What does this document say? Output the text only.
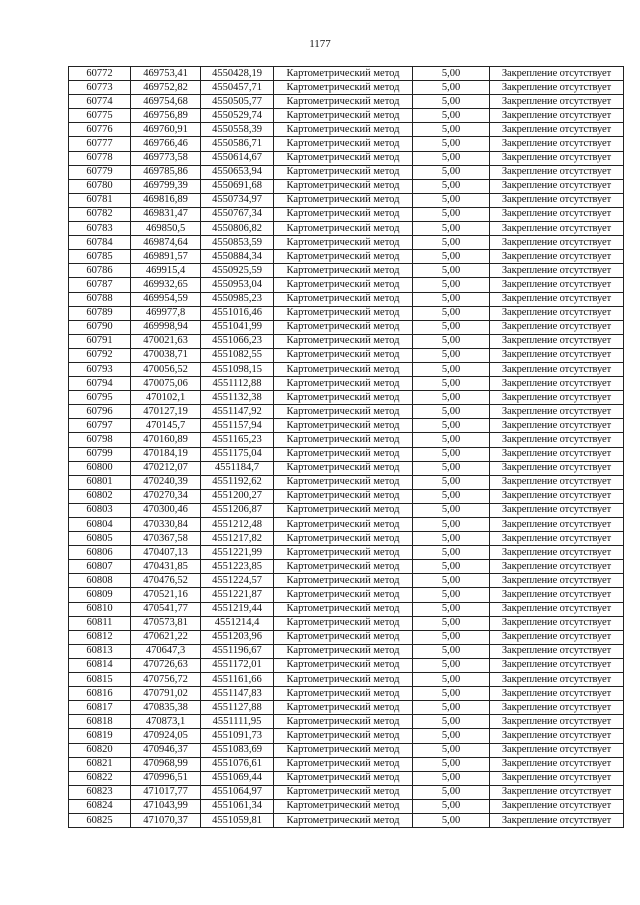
1177
60772	469753,41	4550428,19	Картометрический метод	5,00	Закрепление отсутствует
60773	469752,82	4550457,71	Картометрический метод	5,00	Закрепление отсутствует
60774	469754,68	4550505,77	Картометрический метод	5,00	Закрепление отсутствует
60775	469756,89	4550529,74	Картометрический метод	5,00	Закрепление отсутствует
60776	469760,91	4550558,39	Картометрический метод	5,00	Закрепление отсутствует
60777	469766,46	4550586,71	Картометрический метод	5,00	Закрепление отсутствует
60778	469773,58	4550614,67	Картометрический метод	5,00	Закрепление отсутствует
60779	469785,86	4550653,94	Картометрический метод	5,00	Закрепление отсутствует
60780	469799,39	4550691,68	Картометрический метод	5,00	Закрепление отсутствует
60781	469816,89	4550734,97	Картометрический метод	5,00	Закрепление отсутствует
60782	469831,47	4550767,34	Картометрический метод	5,00	Закрепление отсутствует
60783	469850,5	4550806,82	Картометрический метод	5,00	Закрепление отсутствует
60784	469874,64	4550853,59	Картометрический метод	5,00	Закрепление отсутствует
60785	469891,57	4550884,34	Картометрический метод	5,00	Закрепление отсутствует
60786	469915,4	4550925,59	Картометрический метод	5,00	Закрепление отсутствует
60787	469932,65	4550953,04	Картометрический метод	5,00	Закрепление отсутствует
60788	469954,59	4550985,23	Картометрический метод	5,00	Закрепление отсутствует
60789	469977,8	4551016,46	Картометрический метод	5,00	Закрепление отсутствует
60790	469998,94	4551041,99	Картометрический метод	5,00	Закрепление отсутствует
60791	470021,63	4551066,23	Картометрический метод	5,00	Закрепление отсутствует
60792	470038,71	4551082,55	Картометрический метод	5,00	Закрепление отсутствует
60793	470056,52	4551098,15	Картометрический метод	5,00	Закрепление отсутствует
60794	470075,06	4551112,88	Картометрический метод	5,00	Закрепление отсутствует
60795	470102,1	4551132,38	Картометрический метод	5,00	Закрепление отсутствует
60796	470127,19	4551147,92	Картометрический метод	5,00	Закрепление отсутствует
60797	470145,7	4551157,94	Картометрический метод	5,00	Закрепление отсутствует
60798	470160,89	4551165,23	Картометрический метод	5,00	Закрепление отсутствует
60799	470184,19	4551175,04	Картометрический метод	5,00	Закрепление отсутствует
60800	470212,07	4551184,7	Картометрический метод	5,00	Закрепление отсутствует
60801	470240,39	4551192,62	Картометрический метод	5,00	Закрепление отсутствует
60802	470270,34	4551200,27	Картометрический метод	5,00	Закрепление отсутствует
60803	470300,46	4551206,87	Картометрический метод	5,00	Закрепление отсутствует
60804	470330,84	4551212,48	Картометрический метод	5,00	Закрепление отсутствует
60805	470367,58	4551217,82	Картометрический метод	5,00	Закрепление отсутствует
60806	470407,13	4551221,99	Картометрический метод	5,00	Закрепление отсутствует
60807	470431,85	4551223,85	Картометрический метод	5,00	Закрепление отсутствует
60808	470476,52	4551224,57	Картометрический метод	5,00	Закрепление отсутствует
60809	470521,16	4551221,87	Картометрический метод	5,00	Закрепление отсутствует
60810	470541,77	4551219,44	Картометрический метод	5,00	Закрепление отсутствует
60811	470573,81	4551214,4	Картометрический метод	5,00	Закрепление отсутствует
60812	470621,22	4551203,96	Картометрический метод	5,00	Закрепление отсутствует
60813	470647,3	4551196,67	Картометрический метод	5,00	Закрепление отсутствует
60814	470726,63	4551172,01	Картометрический метод	5,00	Закрепление отсутствует
60815	470756,72	4551161,66	Картометрический метод	5,00	Закрепление отсутствует
60816	470791,02	4551147,83	Картометрический метод	5,00	Закрепление отсутствует
60817	470835,38	4551127,88	Картометрический метод	5,00	Закрепление отсутствует
60818	470873,1	4551111,95	Картометрический метод	5,00	Закрепление отсутствует
60819	470924,05	4551091,73	Картометрический метод	5,00	Закрепление отсутствует
60820	470946,37	4551083,69	Картометрический метод	5,00	Закрепление отсутствует
60821	470968,99	4551076,61	Картометрический метод	5,00	Закрепление отсутствует
60822	470996,51	4551069,44	Картометрический метод	5,00	Закрепление отсутствует
60823	471017,77	4551064,97	Картометрический метод	5,00	Закрепление отсутствует
60824	471043,99	4551061,34	Картометрический метод	5,00	Закрепление отсутствует
60825	471070,37	4551059,81	Картометрический метод	5,00	Закрепление отсутствует
